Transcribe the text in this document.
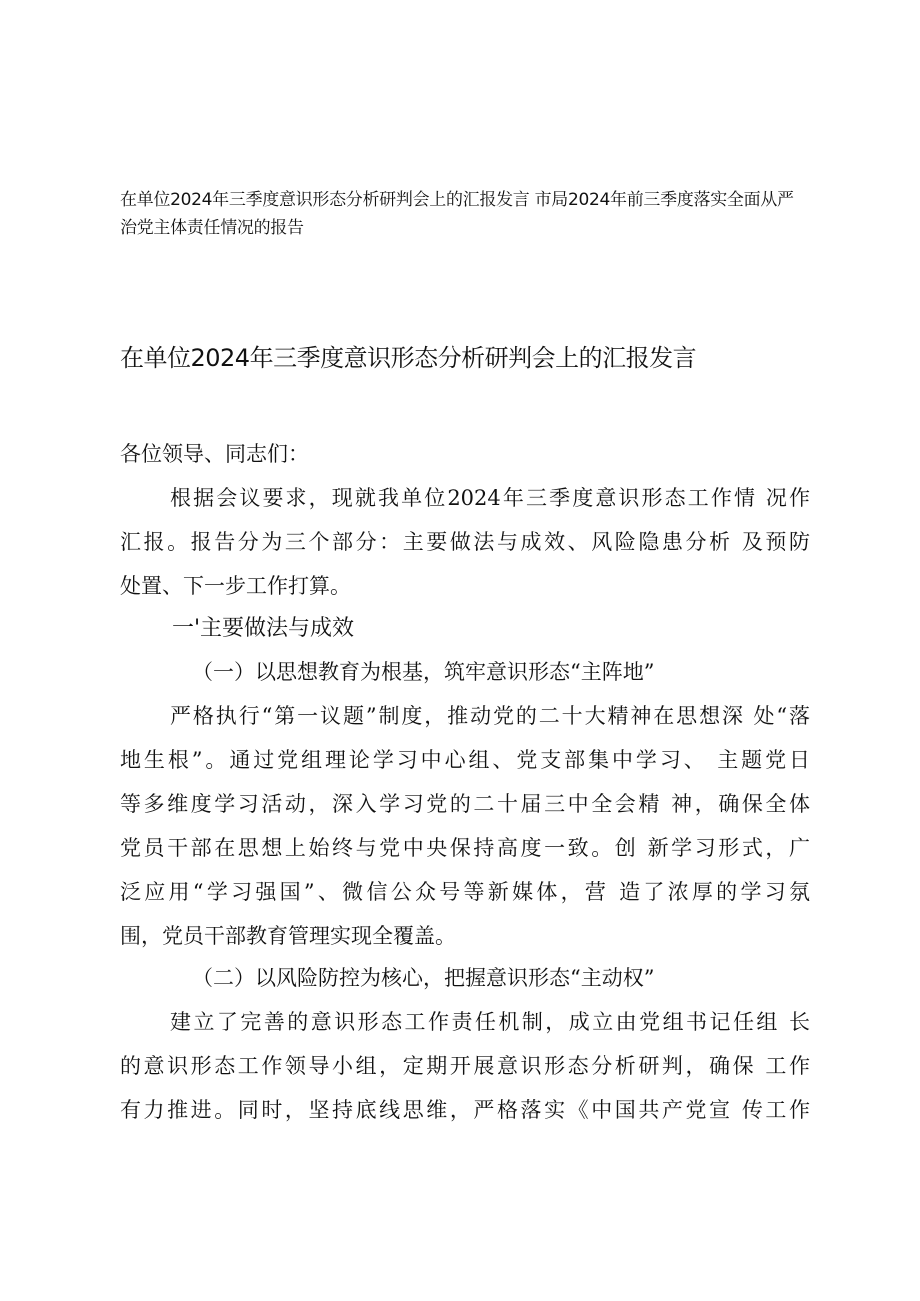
在单位2024年三季度意识形态分析研判会上的汇报发言 市局2024年前三季度落实全面从严治党主体责任情况的报告
在单位2024年三季度意识形态分析研判会上的汇报发言
各位领导、同志们：
根据会议要求，现就我单位2024年三季度意识形态工作情 况作
汇报。报告分为三个部分：主要做法与成效、风险隐患分析 及预防
处置、下一步工作打算。
一'主要做法与成效
（一）以思想教育为根基，筑牢意识形态“主阵地”
严格执行“第一议题”制度，推动党的二十大精神在思想深 处“落
地生根”。通过党组理论学习中心组、党支部集中学习、 主题党日
等多维度学习活动，深入学习党的二十届三中全会精 神，确保全体
党员干部在思想上始终与党中央保持高度一致。创 新学习形式，广
泛应用“学习强国”、微信公众号等新媒体，营 造了浓厚的学习氛
围，党员干部教育管理实现全覆盖。
（二）以风险防控为核心，把握意识形态“主动权”
建立了完善的意识形态工作责任机制，成立由党组书记任组 长
的意识形态工作领导小组，定期开展意识形态分析研判，确保 工作
有力推进。同时，坚持底线思维，严格落实《中国共产党宣 传工作
